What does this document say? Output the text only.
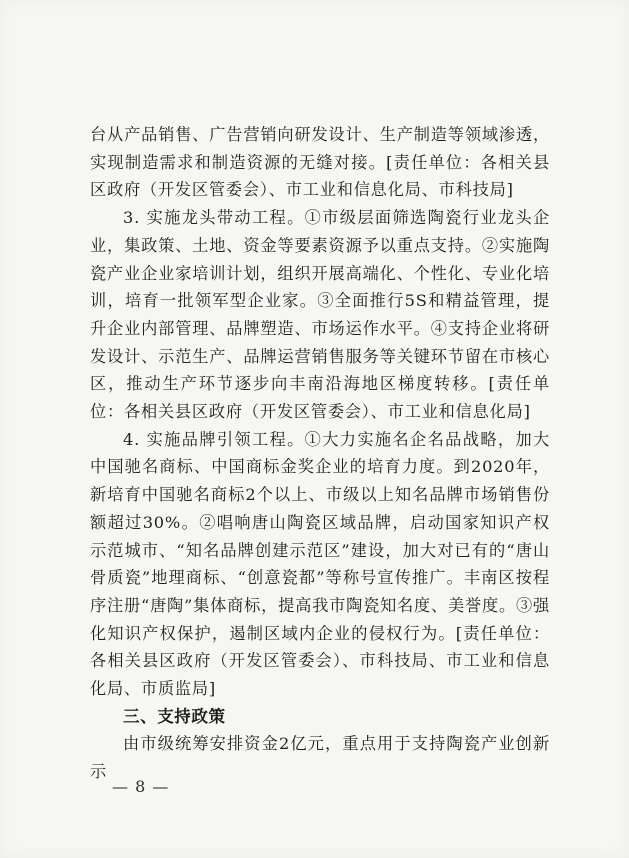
台从产品销售、广告营销向研发设计、生产制造等领域渗透，实现制造需求和制造资源的无缝对接。[责任单位：各相关县区政府（开发区管委会）、市工业和信息化局、市科技局]

3. 实施龙头带动工程。①市级层面筛选陶瓷行业龙头企业，集政策、土地、资金等要素资源予以重点支持。②实施陶瓷产业企业家培训计划，组织开展高端化、个性化、专业化培训，培育一批领军型企业家。③全面推行5S和精益管理，提升企业内部管理、品牌塑造、市场运作水平。④支持企业将研发设计、示范生产、品牌运营销售服务等关键环节留在市核心区，推动生产环节逐步向丰南沿海地区梯度转移。[责任单位：各相关县区政府（开发区管委会）、市工业和信息化局]

4. 实施品牌引领工程。①大力实施名企名品战略，加大中国驰名商标、中国商标金奖企业的培育力度。到2020年，新培育中国驰名商标2个以上、市级以上知名品牌市场销售份额超过30%。②唱响唐山陶瓷区域品牌，启动国家知识产权示范城市、“知名品牌创建示范区”建设，加大对已有的“唐山骨质瓷”地理商标、“创意瓷都”等称号宣传推广。丰南区按程序注册“唐陶”集体商标，提高我市陶瓷知名度、美誉度。③强化知识产权保护，遏制区域内企业的侵权行为。[责任单位：各相关县区政府（开发区管委会）、市科技局、市工业和信息化局、市质监局]

三、支持政策

由市级统筹安排资金2亿元，重点用于支持陶瓷产业创新示

— 8 —
